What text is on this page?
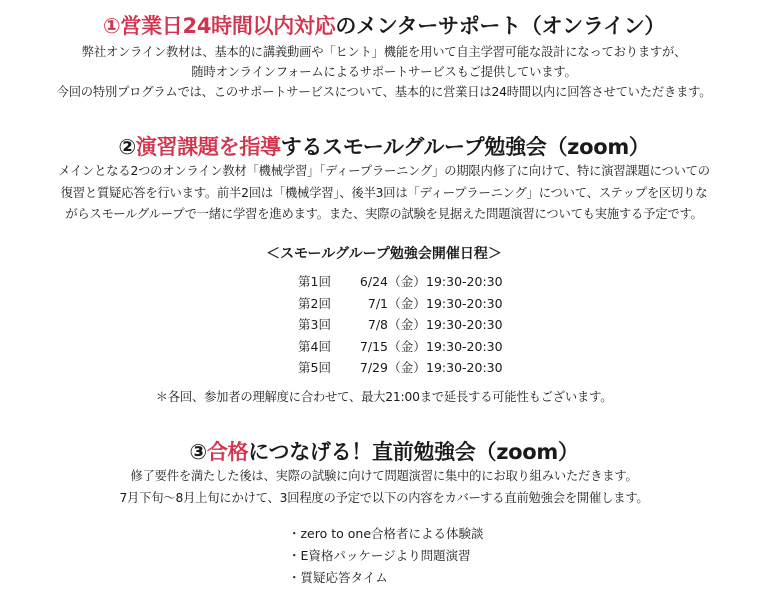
①営業日24時間以内対応のメンターサポート（オンライン）
弊社オンライン教材は、基本的に講義動画や「ヒント」機能を用いて自主学習可能な設計になっておりますが、
随時オンラインフォームによるサポートサービスもご提供しています。
今回の特別プログラムでは、このサポートサービスについて、基本的に営業日は24時間以内に回答させていただきます。
②演習課題を指導するスモールグループ勉強会（zoom）
メインとなる2つのオンライン教材「機械学習」「ディープラーニング」の期限内修了に向けて、特に演習課題についての
復習と質疑応答を行います。前半2回は「機械学習」、後半3回は「ディープラーニング」について、ステップを区切りな
がらスモールグループで一緒に学習を進めます。また、実際の試験を見据えた問題演習についても実施する予定です。
＜スモールグループ勉強会開催日程＞
第1回 6/24（金）19:30-20:30
第2回	7/1（金）19:30-20:30
第3回	7/8（金）19:30-20:30
第4回 7/15（金）19:30-20:30
第5回 7/29（金）19:30-20:30
＊各回、参加者の理解度に合わせて、最大21:00まで延長する可能性もございます。
③合格につなげる！直前勉強会（zoom）
修了要件を満たした後は、実際の試験に向けて問題演習に集中的にお取り組みいただきます。
7月下旬〜8月上旬にかけて、3回程度の予定で以下の内容をカバーする直前勉強会を開催します。
・zero to one合格者による体験談
・E資格パッケージより問題演習
・質疑応答タイム
